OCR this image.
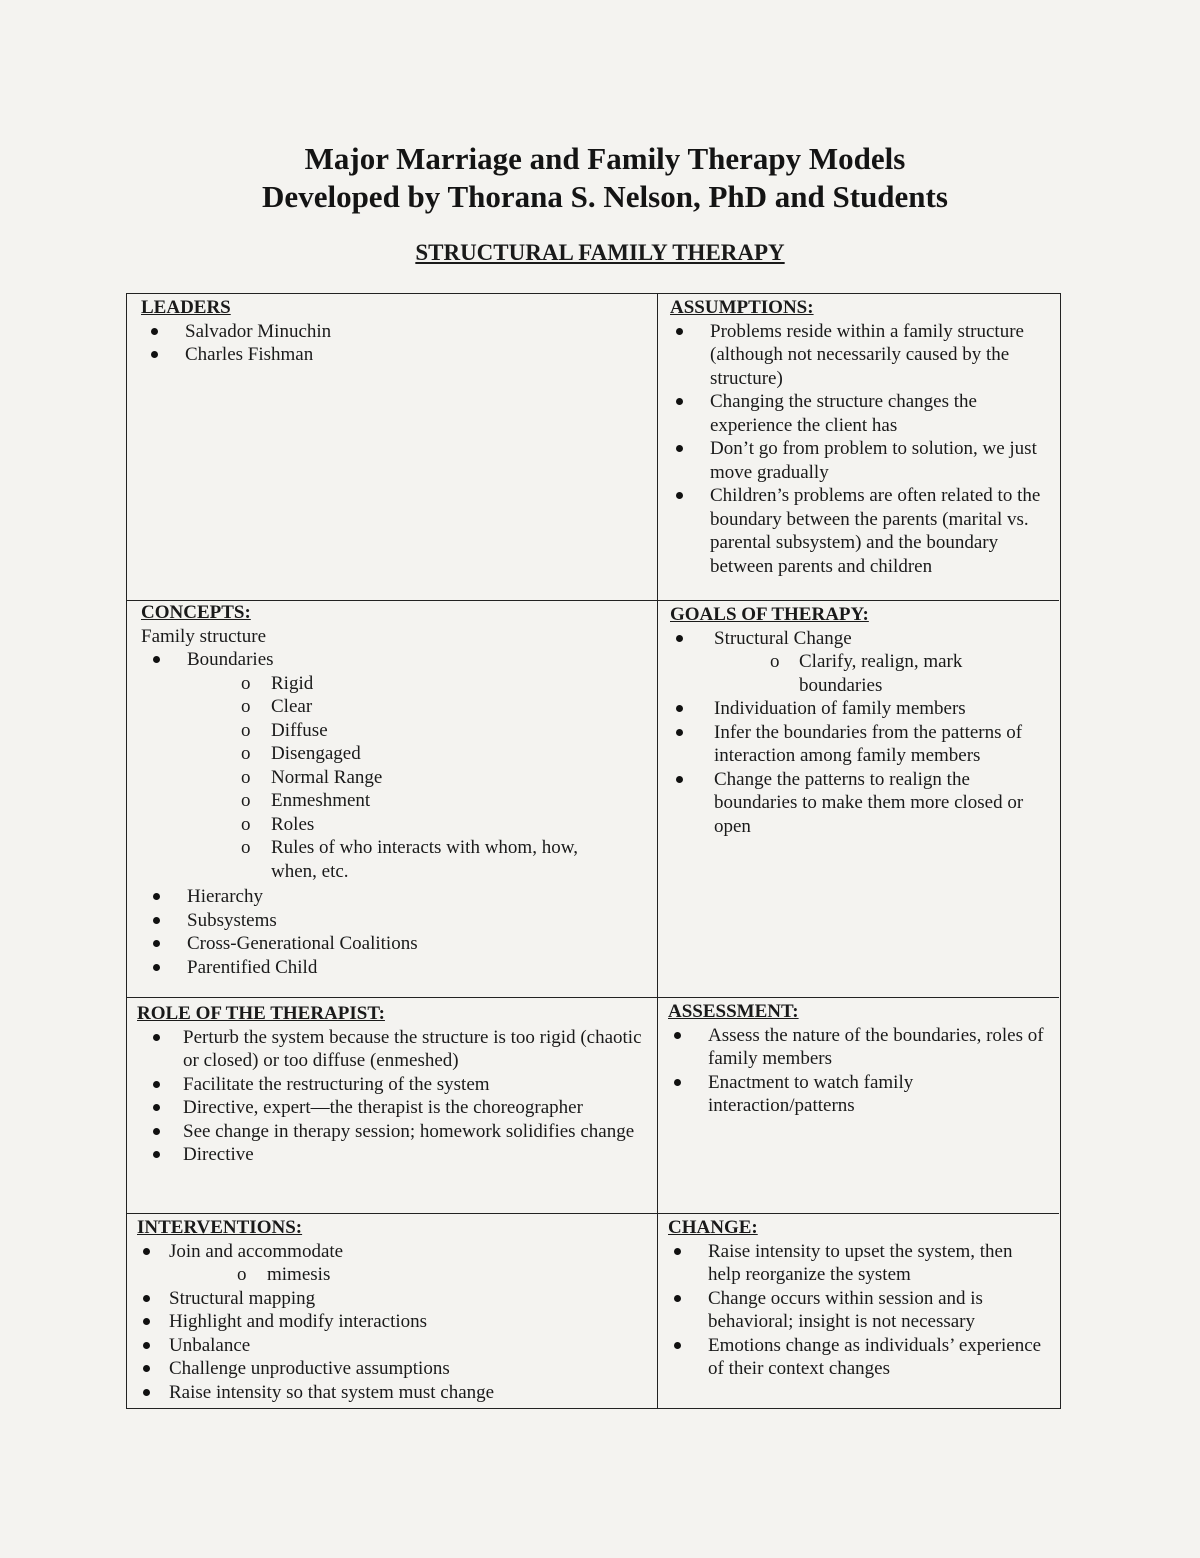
Major Marriage and Family Therapy Models
Developed by Thorana S. Nelson, PhD and Students
STRUCTURAL FAMILY THERAPY
LEADERS
Salvador Minuchin
Charles Fishman
ASSUMPTIONS:
Problems reside within a family structure (although not necessarily caused by the structure)
Changing the structure changes the experience the client has
Don’t go from problem to solution, we just move gradually
Children’s problems are often related to the boundary between the parents (marital vs. parental subsystem) and the boundary between parents and children
CONCEPTS:
Family structure
Boundaries
o Rigid
o Clear
o Diffuse
o Disengaged
o Normal Range
o Enmeshment
o Roles
o Rules of who interacts with whom, how, when, etc.
Hierarchy
Subsystems
Cross-Generational Coalitions
Parentified Child
GOALS OF THERAPY:
Structural Change
o Clarify, realign, mark boundaries
Individuation of family members
Infer the boundaries from the patterns of interaction among family members
Change the patterns to realign the boundaries to make them more closed or open
ROLE OF THE THERAPIST:
Perturb the system because the structure is too rigid (chaotic or closed) or too diffuse (enmeshed)
Facilitate the restructuring of the system
Directive, expert—the therapist is the choreographer
See change in therapy session; homework solidifies change
Directive
ASSESSMENT:
Assess the nature of the boundaries, roles of family members
Enactment to watch family interaction/patterns
INTERVENTIONS:
Join and accommodate
o mimesis
Structural mapping
Highlight and modify interactions
Unbalance
Challenge unproductive assumptions
Raise intensity so that system must change
CHANGE:
Raise intensity to upset the system, then help reorganize the system
Change occurs within session and is behavioral; insight is not necessary
Emotions change as individuals’ experience of their context changes
